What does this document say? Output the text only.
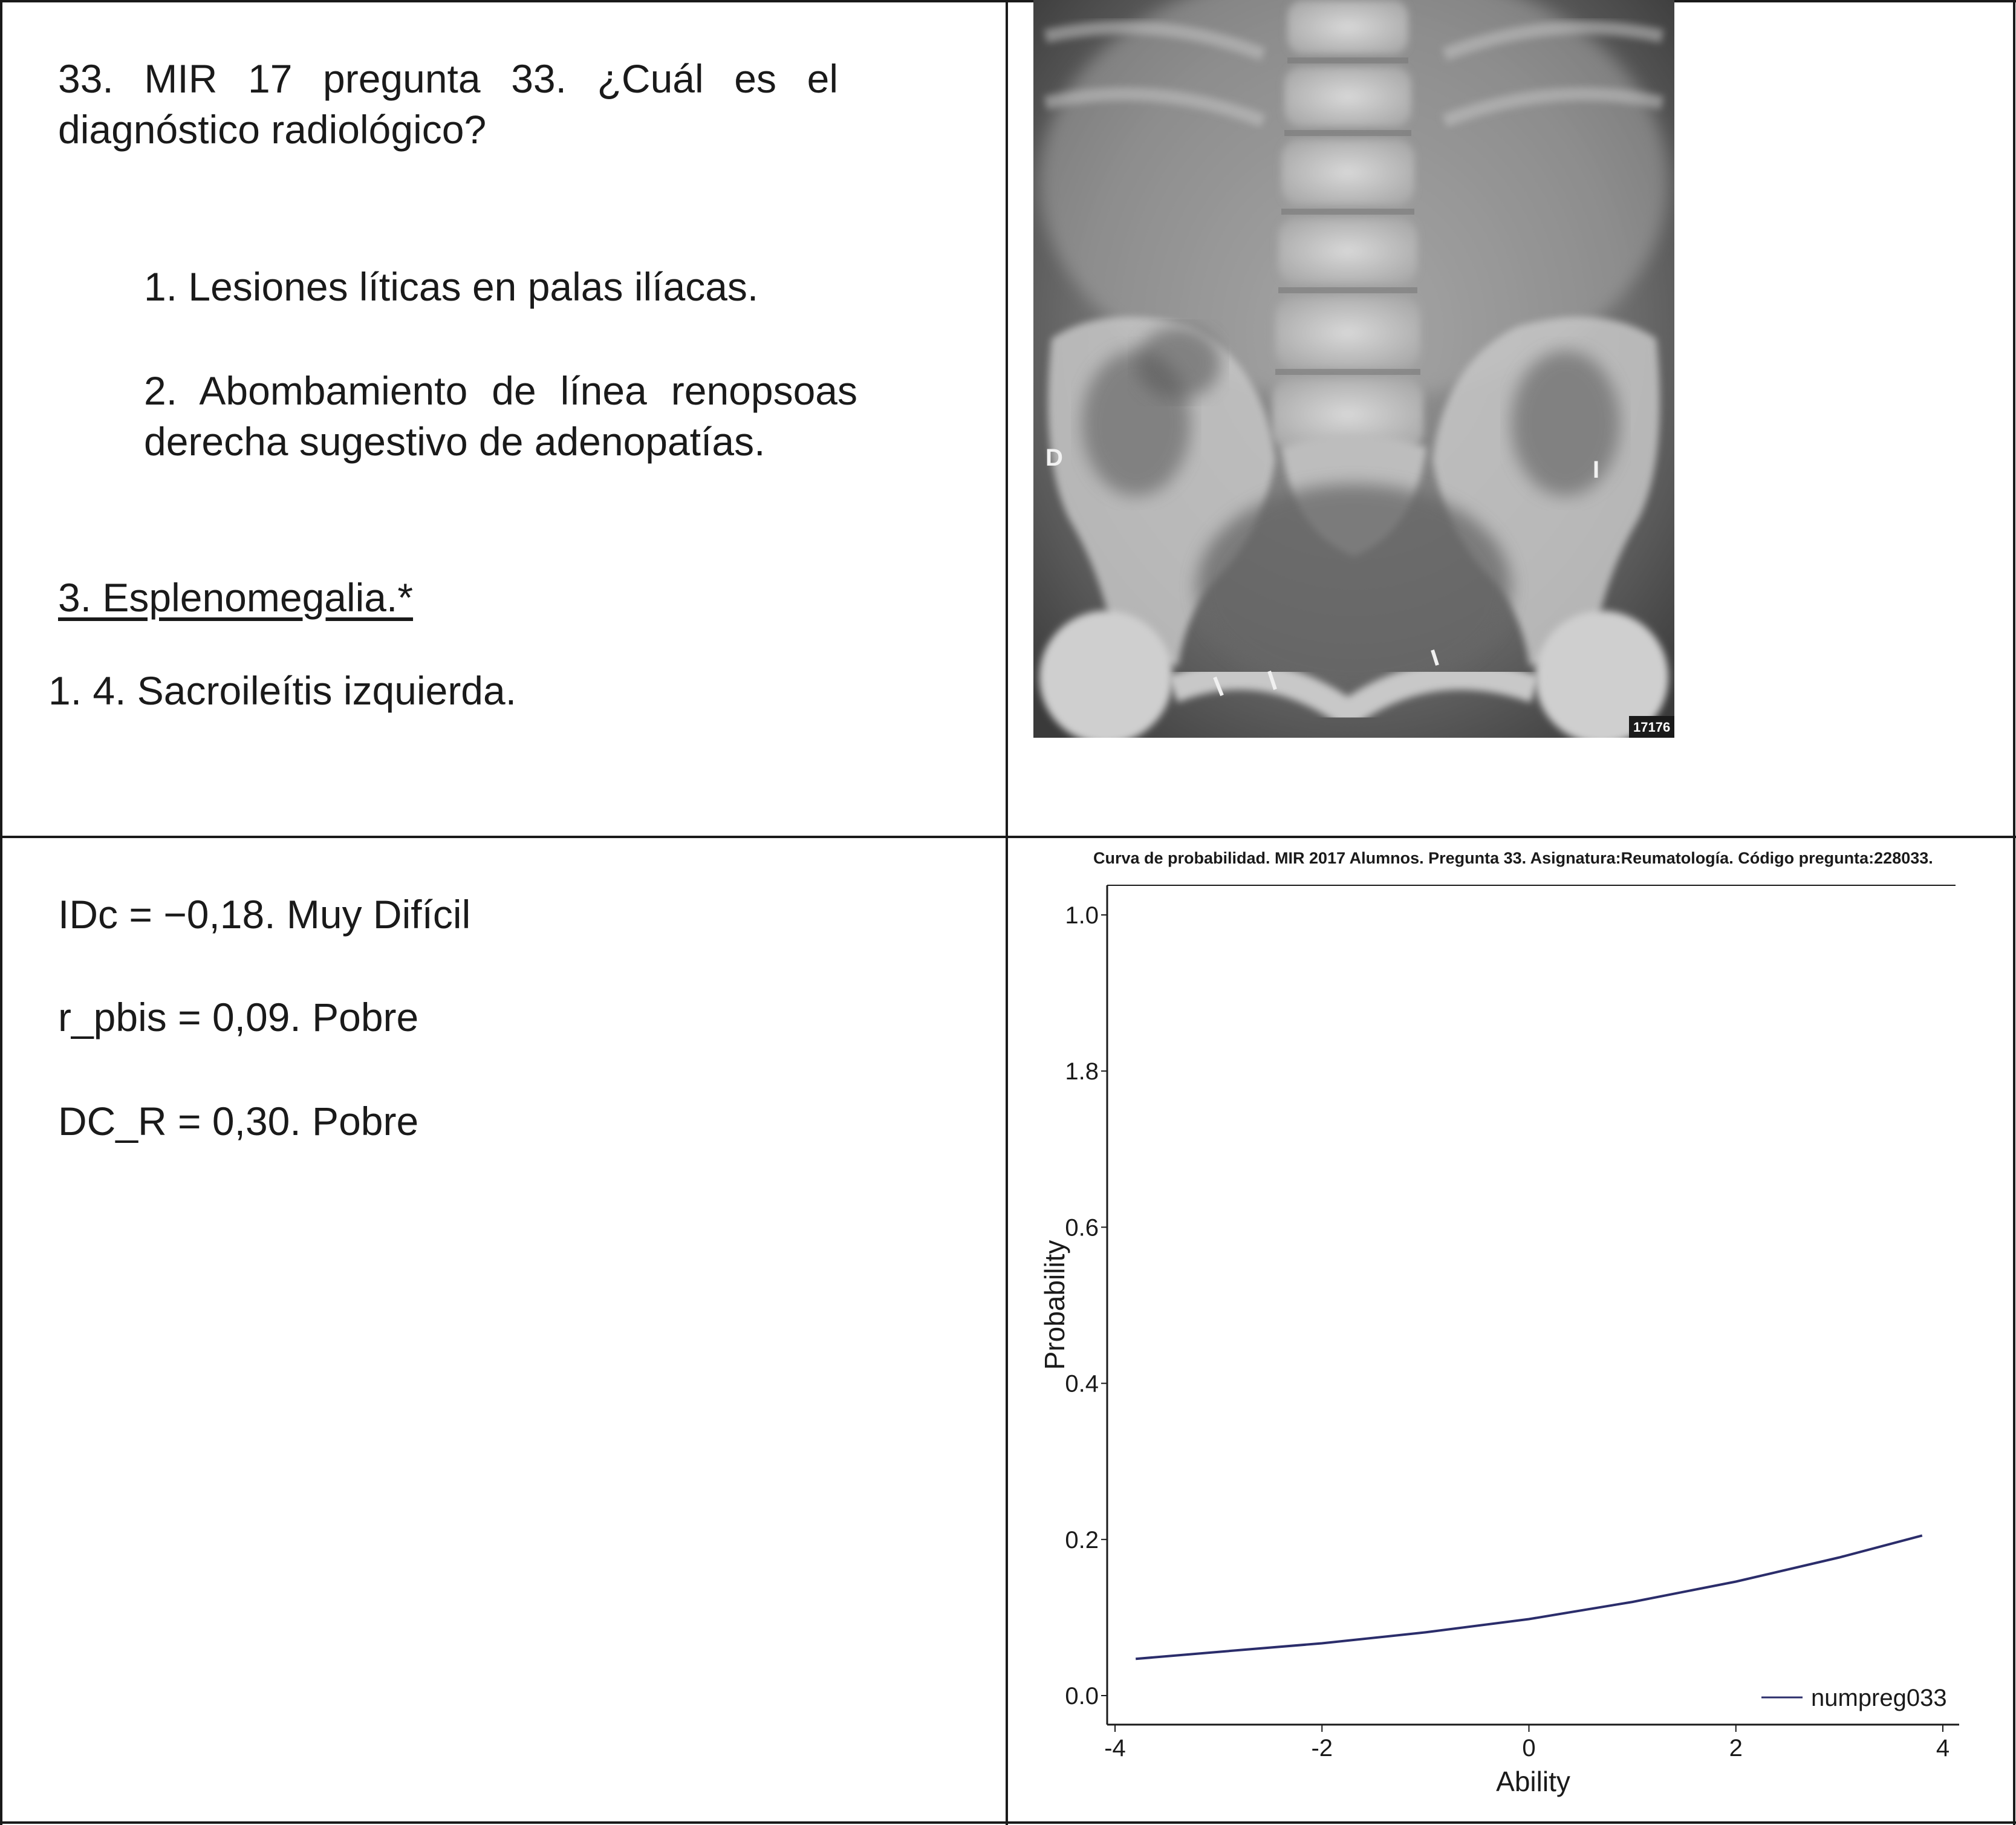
33. MIR 17 pregunta 33. ¿Cuál es el diagnóstico radiológico?
1. Lesiones líticas en palas ilíacas.
2. Abombamiento de línea renopsoas derecha sugestivo de adenopatías.
3. Esplenomegalia.*
1. 4. Sacroileítis izquierda.
D	I
17176
IDc = −0,18. Muy Difícil
r_pbis = 0,09. Pobre
DC_R = 0,30. Pobre
Curva de probabilidad. MIR 2017 Alumnos. Pregunta 33. Asignatura:Reumatología. Código pregunta:228033.
0.0
0.2
0.4
0.6
1.8
1.0
-4	-2	0	2	4
Ability
Probability
numpreg033
